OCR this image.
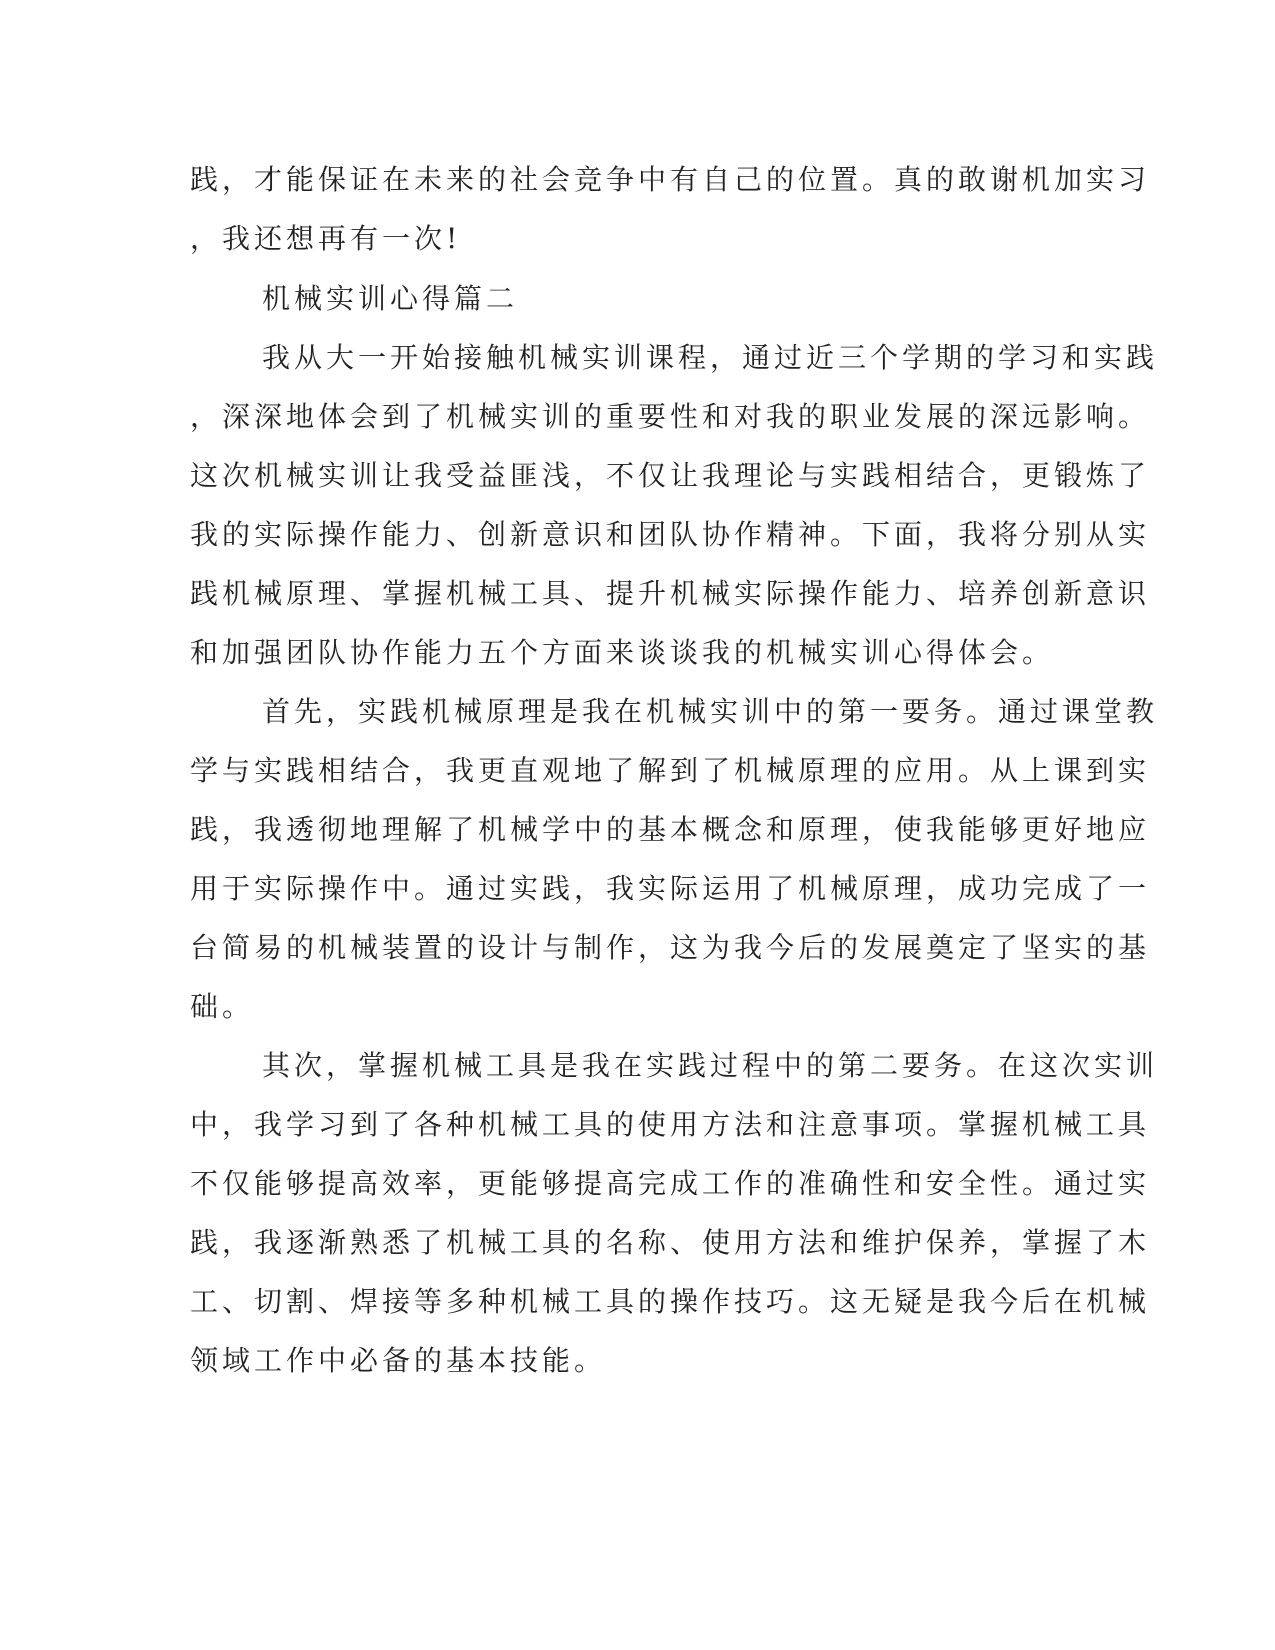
践，才能保证在未来的社会竞争中有自己的位置。真的敢谢机加实习
，我还想再有一次!
机械实训心得篇二
我从大一开始接触机械实训课程，通过近三个学期的学习和实践
，深深地体会到了机械实训的重要性和对我的职业发展的深远影响。
这次机械实训让我受益匪浅，不仅让我理论与实践相结合，更锻炼了
我的实际操作能力、创新意识和团队协作精神。下面，我将分别从实
践机械原理、掌握机械工具、提升机械实际操作能力、培养创新意识
和加强团队协作能力五个方面来谈谈我的机械实训心得体会。
首先，实践机械原理是我在机械实训中的第一要务。通过课堂教
学与实践相结合，我更直观地了解到了机械原理的应用。从上课到实
践，我透彻地理解了机械学中的基本概念和原理，使我能够更好地应
用于实际操作中。通过实践，我实际运用了机械原理，成功完成了一
台简易的机械装置的设计与制作，这为我今后的发展奠定了坚实的基
础。
其次，掌握机械工具是我在实践过程中的第二要务。在这次实训
中，我学习到了各种机械工具的使用方法和注意事项。掌握机械工具
不仅能够提高效率，更能够提高完成工作的准确性和安全性。通过实
践，我逐渐熟悉了机械工具的名称、使用方法和维护保养，掌握了木
工、切割、焊接等多种机械工具的操作技巧。这无疑是我今后在机械
领域工作中必备的基本技能。
